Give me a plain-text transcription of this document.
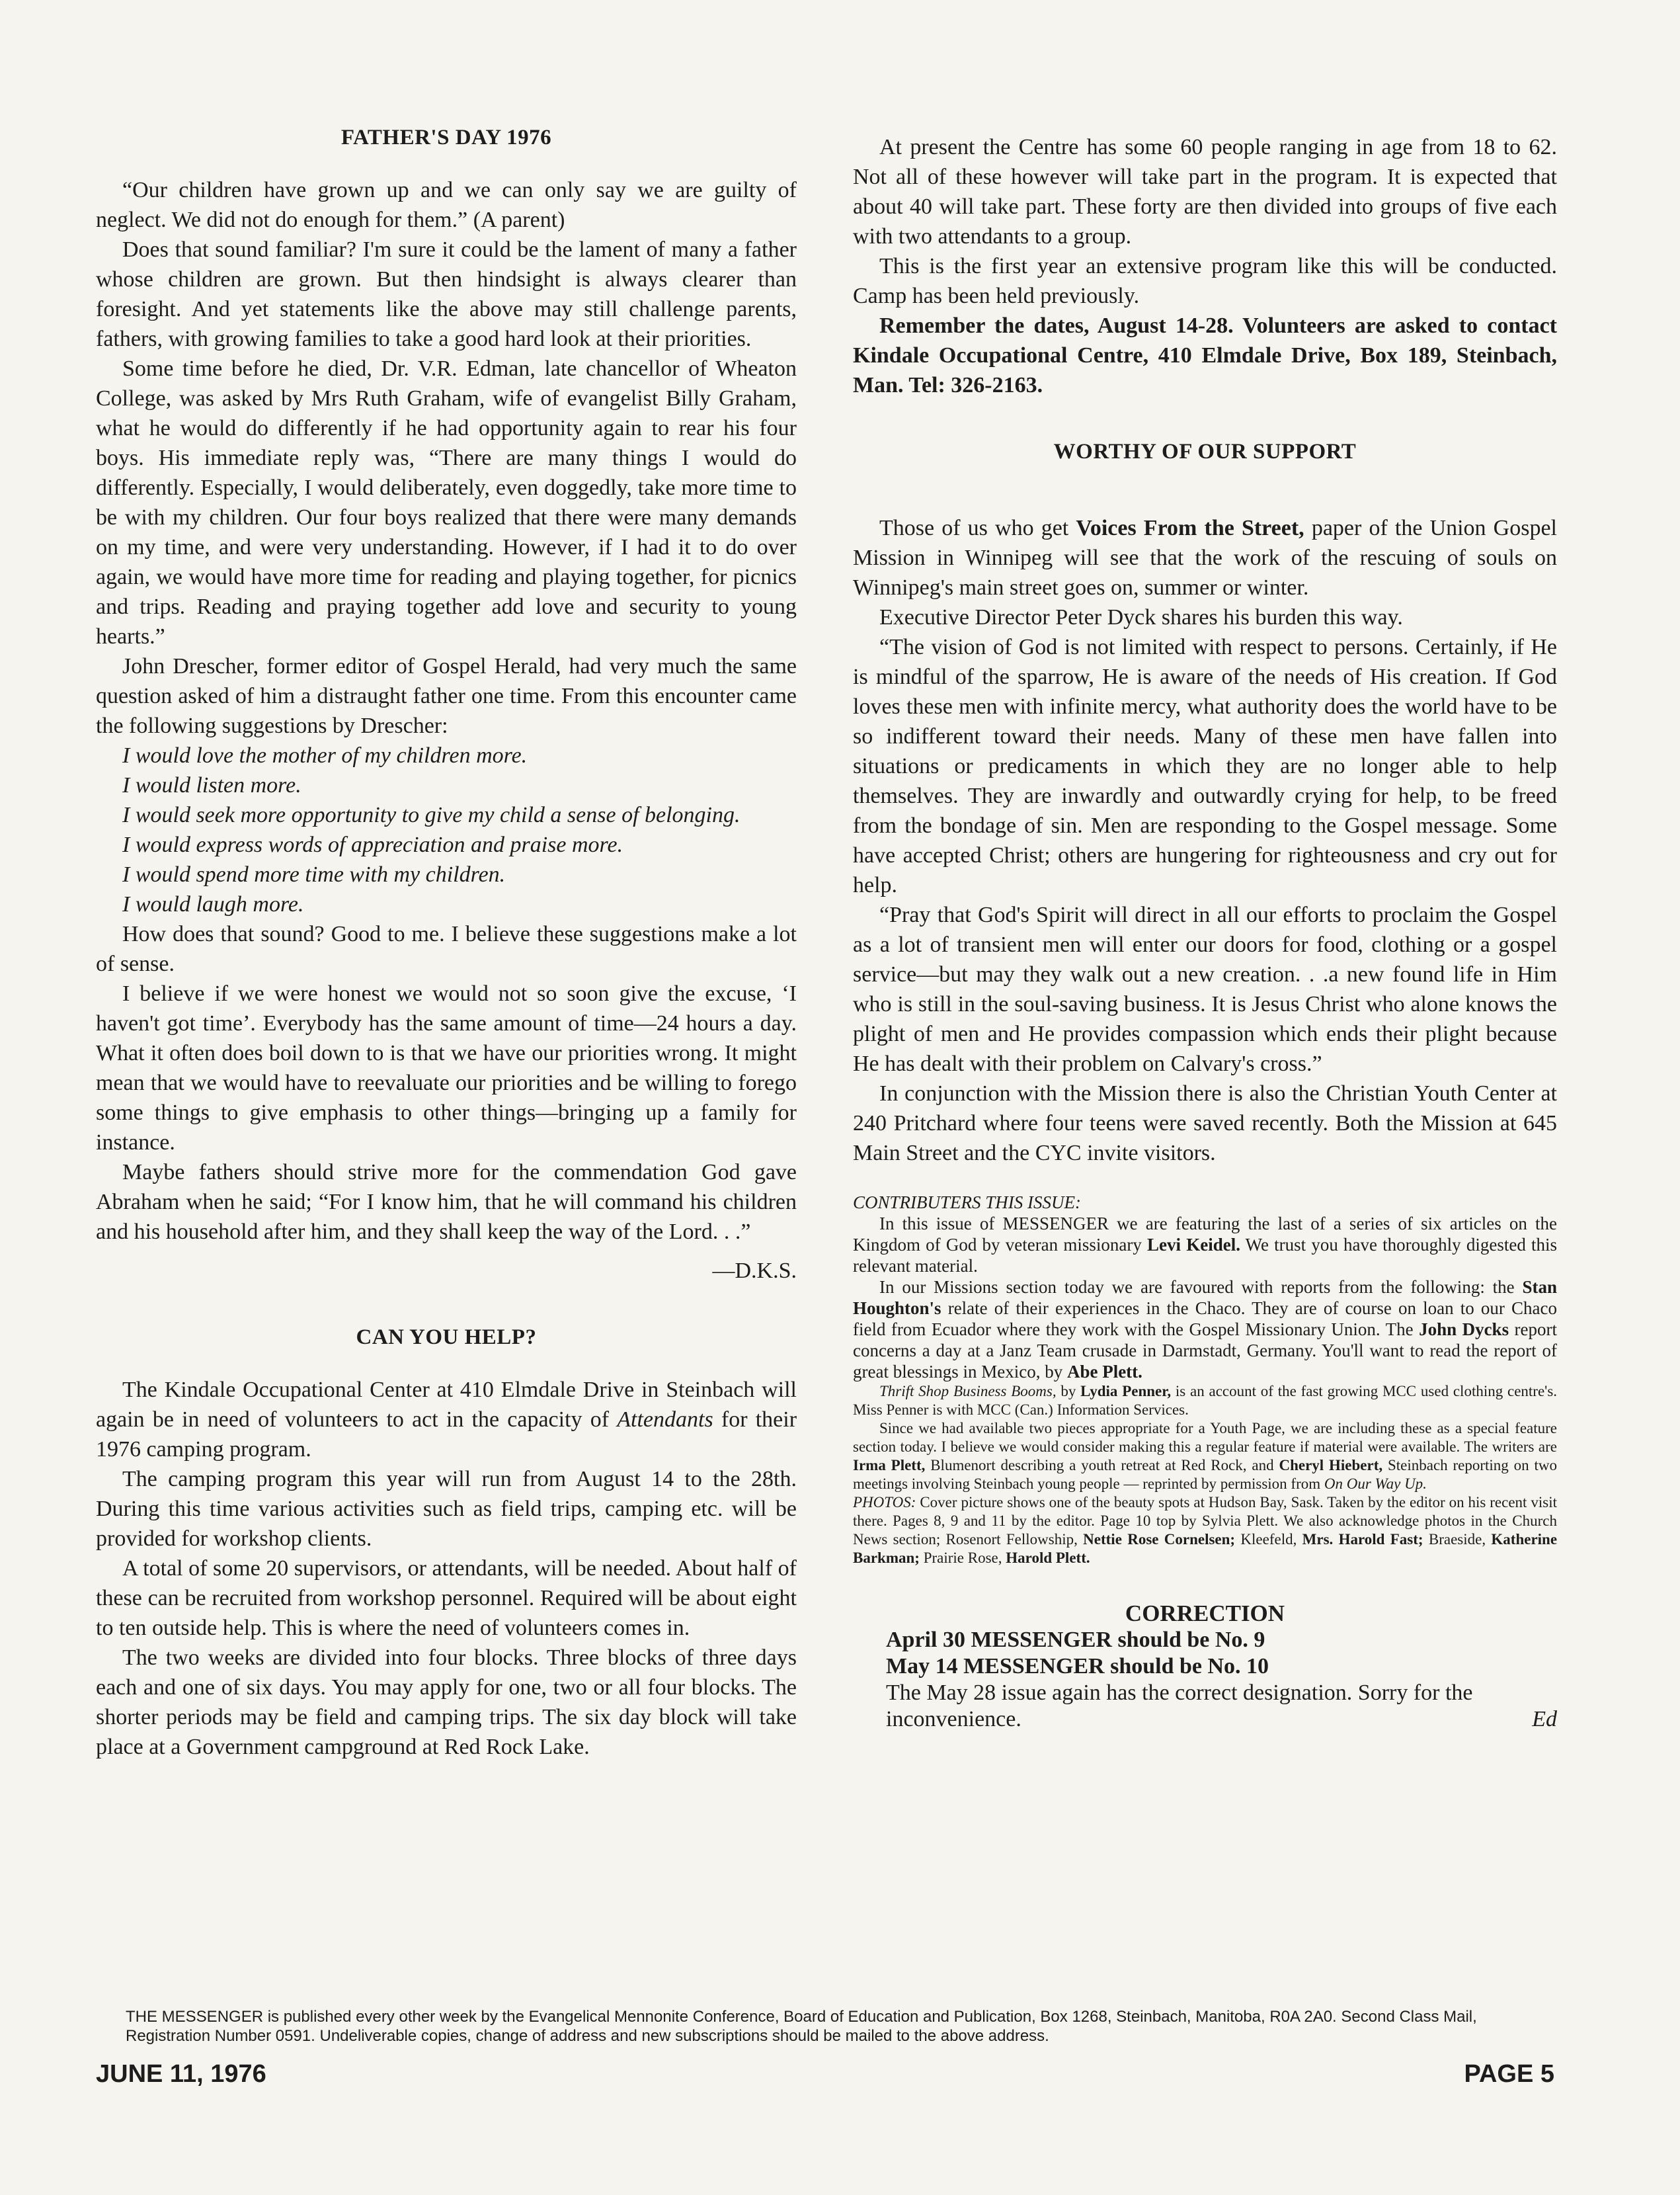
FATHER'S DAY 1976

“Our children have grown up and we can only say we are guilty of neglect. We did not do enough for them.” (A parent)

Does that sound familiar? I'm sure it could be the lament of many a father whose children are grown. But then hindsight is always clearer than foresight. And yet statements like the above may still challenge parents, fathers, with growing families to take a good hard look at their priorities.

Some time before he died, Dr. V.R. Edman, late chancellor of Wheaton College, was asked by Mrs Ruth Graham, wife of evangelist Billy Graham, what he would do differently if he had opportunity again to rear his four boys. His immediate reply was, “There are many things I would do differently. Especially, I would deliberately, even doggedly, take more time to be with my children. Our four boys realized that there were many demands on my time, and were very understanding. However, if I had it to do over again, we would have more time for reading and playing together, for picnics and trips. Reading and praying together add love and security to young hearts.”

John Drescher, former editor of Gospel Herald, had very much the same question asked of him a distraught father one time. From this encounter came the following suggestions by Drescher:

I would love the mother of my children more.

I would listen more.

I would seek more opportunity to give my child a sense of belonging.

I would express words of appreciation and praise more.

I would spend more time with my children.

I would laugh more.

How does that sound? Good to me. I believe these suggestions make a lot of sense.

I believe if we were honest we would not so soon give the excuse, ‘I haven't got time’. Everybody has the same amount of time—24 hours a day. What it often does boil down to is that we have our priorities wrong. It might mean that we would have to reevaluate our priorities and be willing to forego some things to give emphasis to other things—bringing up a family for instance.

Maybe fathers should strive more for the commendation God gave Abraham when he said; “For I know him, that he will command his children and his household after him, and they shall keep the way of the Lord. . .”

—D.K.S.

CAN YOU HELP?

The Kindale Occupational Center at 410 Elmdale Drive in Steinbach will again be in need of volunteers to act in the capacity of Attendants for their 1976 camping program.

The camping program this year will run from August 14 to the 28th. During this time various activities such as field trips, camping etc. will be provided for workshop clients.

A total of some 20 supervisors, or attendants, will be needed. About half of these can be recruited from workshop personnel. Required will be about eight to ten outside help. This is where the need of volunteers comes in.

The two weeks are divided into four blocks. Three blocks of three days each and one of six days. You may apply for one, two or all four blocks. The shorter periods may be field and camping trips. The six day block will take place at a Government campground at Red Rock Lake.

At present the Centre has some 60 people ranging in age from 18 to 62. Not all of these however will take part in the program. It is expected that about 40 will take part. These forty are then divided into groups of five each with two attendants to a group.

This is the first year an extensive program like this will be conducted. Camp has been held previously.

Remember the dates, August 14-28. Volunteers are asked to contact Kindale Occupational Centre, 410 Elmdale Drive, Box 189, Steinbach, Man. Tel: 326-2163.

WORTHY OF OUR SUPPORT

Those of us who get Voices From the Street, paper of the Union Gospel Mission in Winnipeg will see that the work of the rescuing of souls on Winnipeg's main street goes on, summer or winter.

Executive Director Peter Dyck shares his burden this way.

“The vision of God is not limited with respect to persons. Certainly, if He is mindful of the sparrow, He is aware of the needs of His creation. If God loves these men with infinite mercy, what authority does the world have to be so indifferent toward their needs. Many of these men have fallen into situations or predicaments in which they are no longer able to help themselves. They are inwardly and outwardly crying for help, to be freed from the bondage of sin. Men are responding to the Gospel message. Some have accepted Christ; others are hungering for righteousness and cry out for help.

“Pray that God's Spirit will direct in all our efforts to proclaim the Gospel as a lot of transient men will enter our doors for food, clothing or a gospel service—but may they walk out a new creation. . .a new found life in Him who is still in the soul-saving business. It is Jesus Christ who alone knows the plight of men and He provides compassion which ends their plight because He has dealt with their problem on Calvary's cross.”

In conjunction with the Mission there is also the Christian Youth Center at 240 Pritchard where four teens were saved recently. Both the Mission at 645 Main Street and the CYC invite visitors.

CONTRIBUTERS THIS ISSUE:

In this issue of MESSENGER we are featuring the last of a series of six articles on the Kingdom of God by veteran missionary Levi Keidel. We trust you have thoroughly digested this relevant material.

In our Missions section today we are favoured with reports from the following: the Stan Houghton's relate of their experiences in the Chaco. They are of course on loan to our Chaco field from Ecuador where they work with the Gospel Missionary Union. The John Dycks report concerns a day at a Janz Team crusade in Darmstadt, Germany. You'll want to read the report of great blessings in Mexico, by Abe Plett.

Thrift Shop Business Booms, by Lydia Penner, is an account of the fast growing MCC used clothing centre's. Miss Penner is with MCC (Can.) Information Services.

Since we had available two pieces appropriate for a Youth Page, we are including these as a special feature section today. I believe we would consider making this a regular feature if material were available. The writers are Irma Plett, Blumenort describing a youth retreat at Red Rock, and Cheryl Hiebert, Steinbach reporting on two meetings involving Steinbach young people — reprinted by permission from On Our Way Up.

PHOTOS: Cover picture shows one of the beauty spots at Hudson Bay, Sask. Taken by the editor on his recent visit there. Pages 8, 9 and 11 by the editor. Page 10 top by Sylvia Plett. We also acknowledge photos in the Church News section; Rosenort Fellowship, Nettie Rose Cornelsen; Kleefeld, Mrs. Harold Fast; Braeside, Katherine Barkman; Prairie Rose, Harold Plett.

CORRECTION
April 30 MESSENGER should be No. 9
May 14 MESSENGER should be No. 10
The May 28 issue again has the correct designation. Sorry for the inconvenience.	Ed
THE MESSENGER is published every other week by the Evangelical Mennonite Conference, Board of Education and Publication, Box 1268, Steinbach, Manitoba, R0A 2A0. Second Class Mail, Registration Number 0591. Undeliverable copies, change of address and new subscriptions should be mailed to the above address.
JUNE 11, 1976	PAGE 5
